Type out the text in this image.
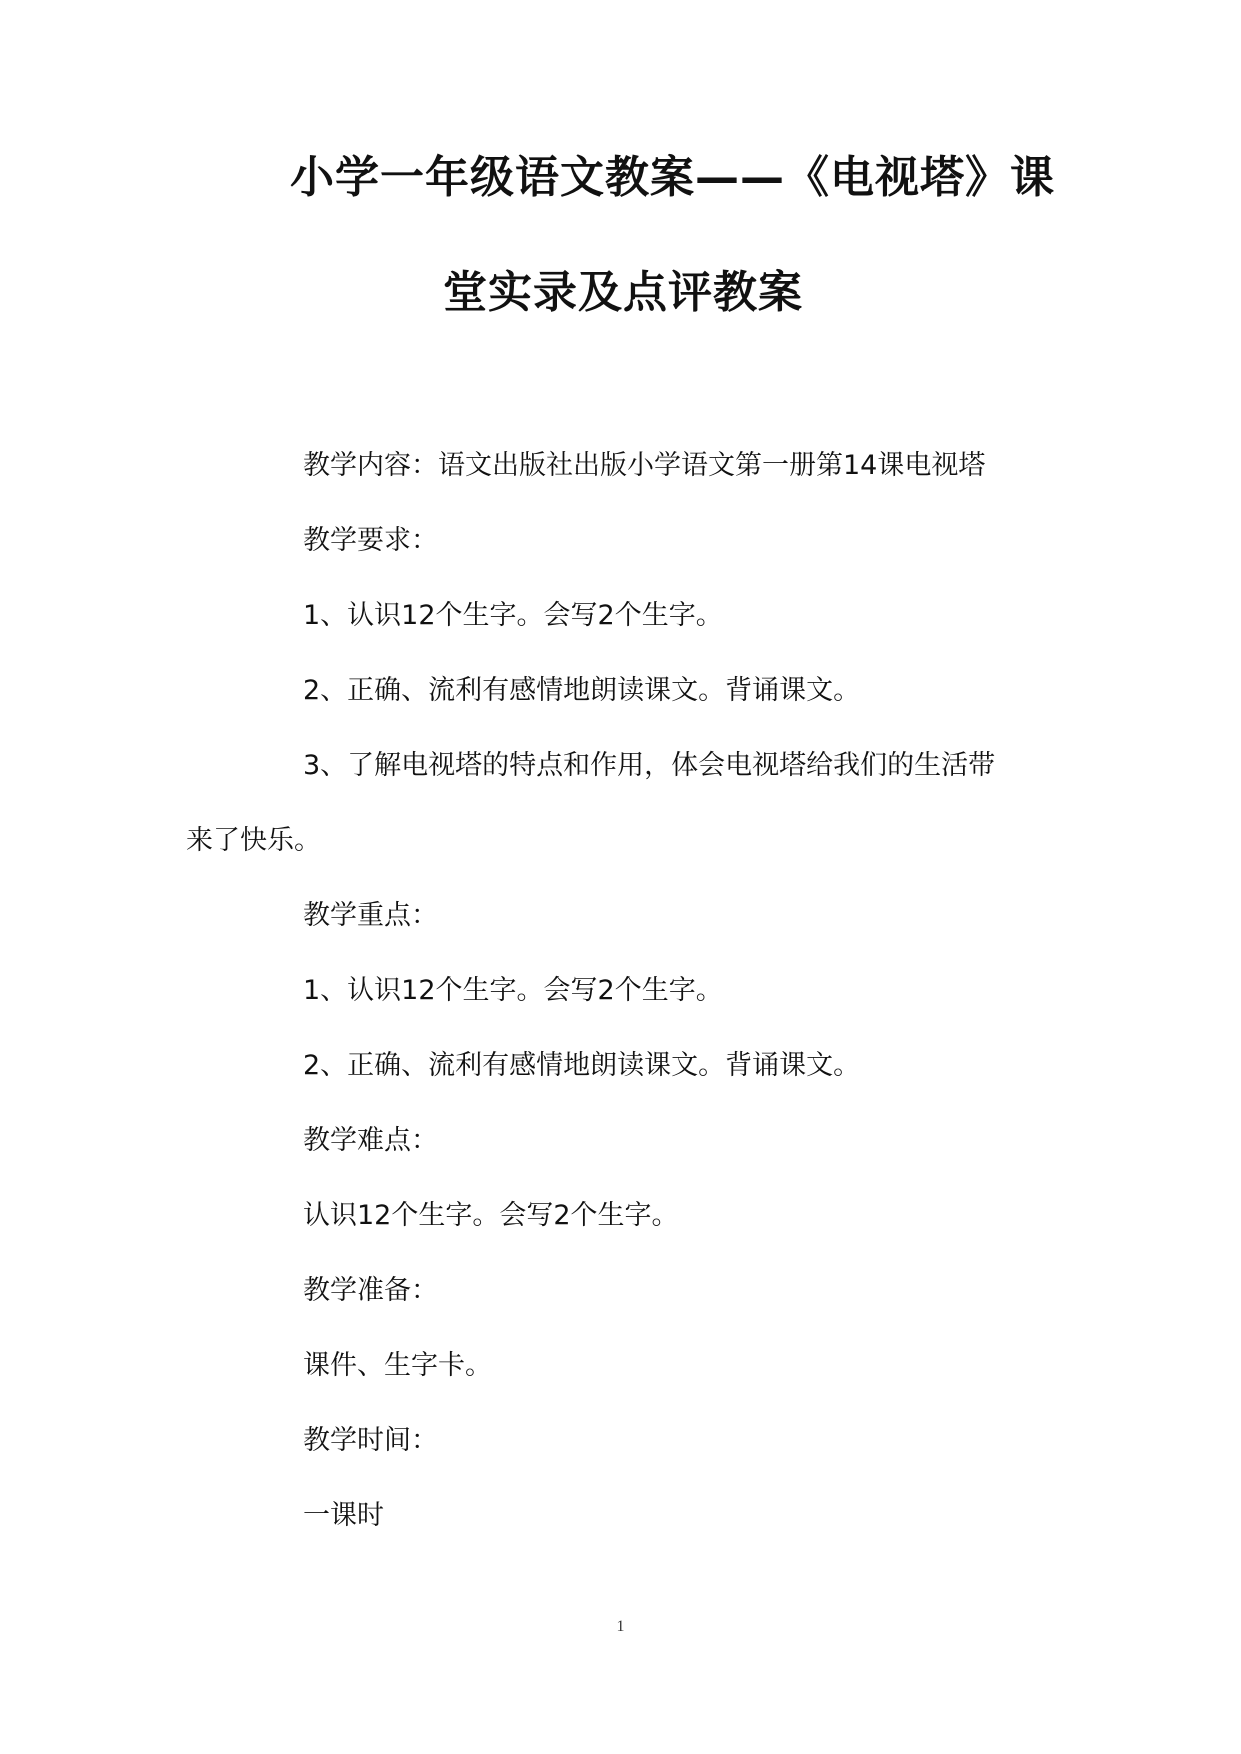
小学一年级语文教案——《电视塔》课
堂实录及点评教案
教学内容：语文出版社出版小学语文第一册第14课电视塔
教学要求：
1、认识12个生字。会写2个生字。
2、正确、流利有感情地朗读课文。背诵课文。
3、了解电视塔的特点和作用，体会电视塔给我们的生活带
来了快乐。
教学重点：
1、认识12个生字。会写2个生字。
2、正确、流利有感情地朗读课文。背诵课文。
教学难点：
认识12个生字。会写2个生字。
教学准备：
课件、生字卡。
教学时间：
一课时
1
